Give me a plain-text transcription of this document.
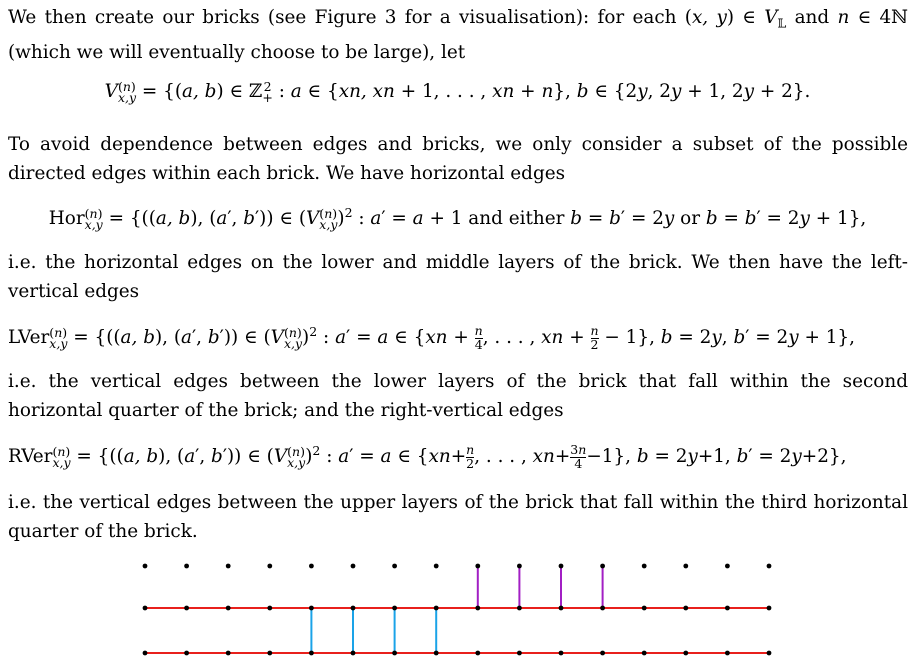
We then create our bricks (see Figure 3 for a visualisation): for each (x, y) ∈ $V_𝕃$ and n ∈ 4ℕ (which we will eventually choose to be large), let
V (n)
x,y = {(a, b) ∈ ℤ 2
+ : a ∈ {xn, xn + 1, . . . , xn + n}, b ∈ {2y, 2y + 1, 2y + 2}.
To avoid dependence between edges and bricks, we only consider a subset of the possible directed edges within each brick. We have horizontal edges
Hor (n)
x,y = {((a, b), (a′, b′)) ∈ (V (n)
x,y )$^2$ : a′ = a + 1 and either b = b′ = 2y or b = b′ = 2y + 1},
i.e. the horizontal edges on the lower and middle layers of the brick. We then have the left-vertical edges
LVer (n)
x,y = {((a, b), (a′, b′)) ∈ (V (n)
x,y )$^2$ : a′ = a ∈ {$xn + \frac{n}{4}$ , . . . , xn + $\frac{n}{2} - 1$}, b = 2y, b′ = 2y + 1},
i.e. the vertical edges between the lower layers of the brick that fall within the second horizontal quarter of the brick; and the right-vertical edges
RVer (n)
x,y = {((a, b), (a′, b′)) ∈ (V (n)
x,y )$^2$ : a′ = a ∈ {$xn+ \frac{n}{2}$ , . . . , $xn+ \frac{3n}{4} -1$}, b = 2y+1, b′ = 2y+2},
i.e. the vertical edges between the upper layers of the brick that fall within the third horizontal quarter of the brick.
